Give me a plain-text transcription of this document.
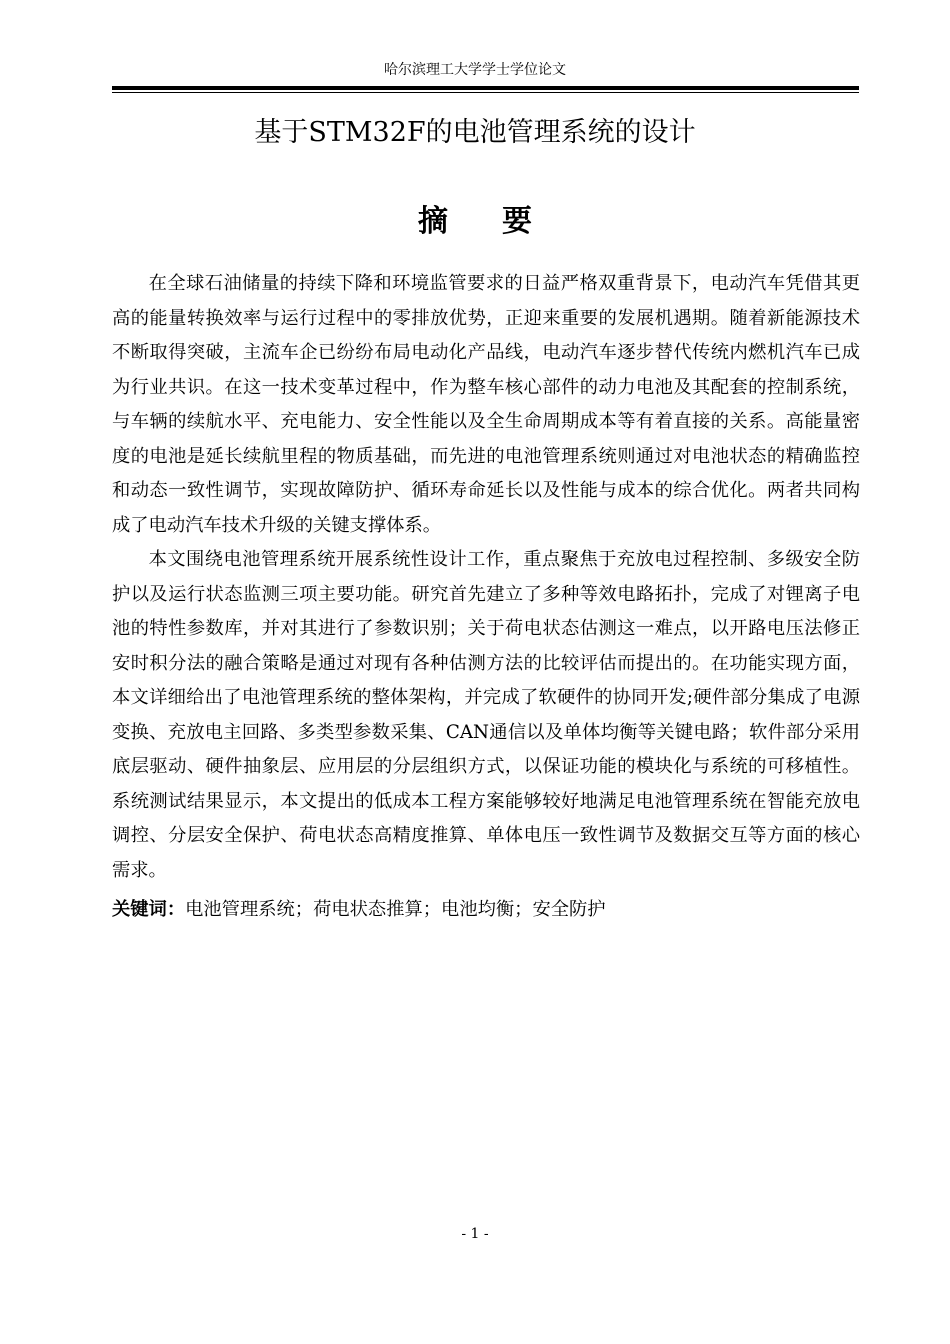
哈尔滨理工大学学士学位论文
基于STM32F的电池管理系统的设计
摘要

在全球石油储量的持续下降和环境监管要求的日益严格双重背景下，电动汽车凭借其更高的能量转换效率与运行过程中的零排放优势，正迎来重要的发展机遇期。随着新能源技术不断取得突破，主流车企已纷纷布局电动化产品线，电动汽车逐步替代传统内燃机汽车已成为行业共识。在这一技术变革过程中，作为整车核心部件的动力电池及其配套的控制系统，与车辆的续航水平、充电能力、安全性能以及全生命周期成本等有着直接的关系。高能量密度的电池是延长续航里程的物质基础，而先进的电池管理系统则通过对电池状态的精确监控和动态一致性调节，实现故障防护、循环寿命延长以及性能与成本的综合优化。两者共同构成了电动汽车技术升级的关键支撑体系。

本文围绕电池管理系统开展系统性设计工作，重点聚焦于充放电过程控制、多级安全防护以及运行状态监测三项主要功能。研究首先建立了多种等效电路拓扑，完成了对锂离子电池的特性参数库，并对其进行了参数识别；关于荷电状态估测这一难点，以开路电压法修正安时积分法的融合策略是通过对现有各种估测方法的比较评估而提出的。在功能实现方面，本文详细给出了电池管理系统的整体架构，并完成了软硬件的协同开发;硬件部分集成了电源变换、充放电主回路、多类型参数采集、CAN通信以及单体均衡等关键电路；软件部分采用底层驱动、硬件抽象层、应用层的分层组织方式，以保证功能的模块化与系统的可移植性。系统测试结果显示，本文提出的低成本工程方案能够较好地满足电池管理系统在智能充放电调控、分层安全保护、荷电状态高精度推算、单体电压一致性调节及数据交互等方面的核心需求。

关键词：电池管理系统；荷电状态推算；电池均衡；安全防护
- 1 -
